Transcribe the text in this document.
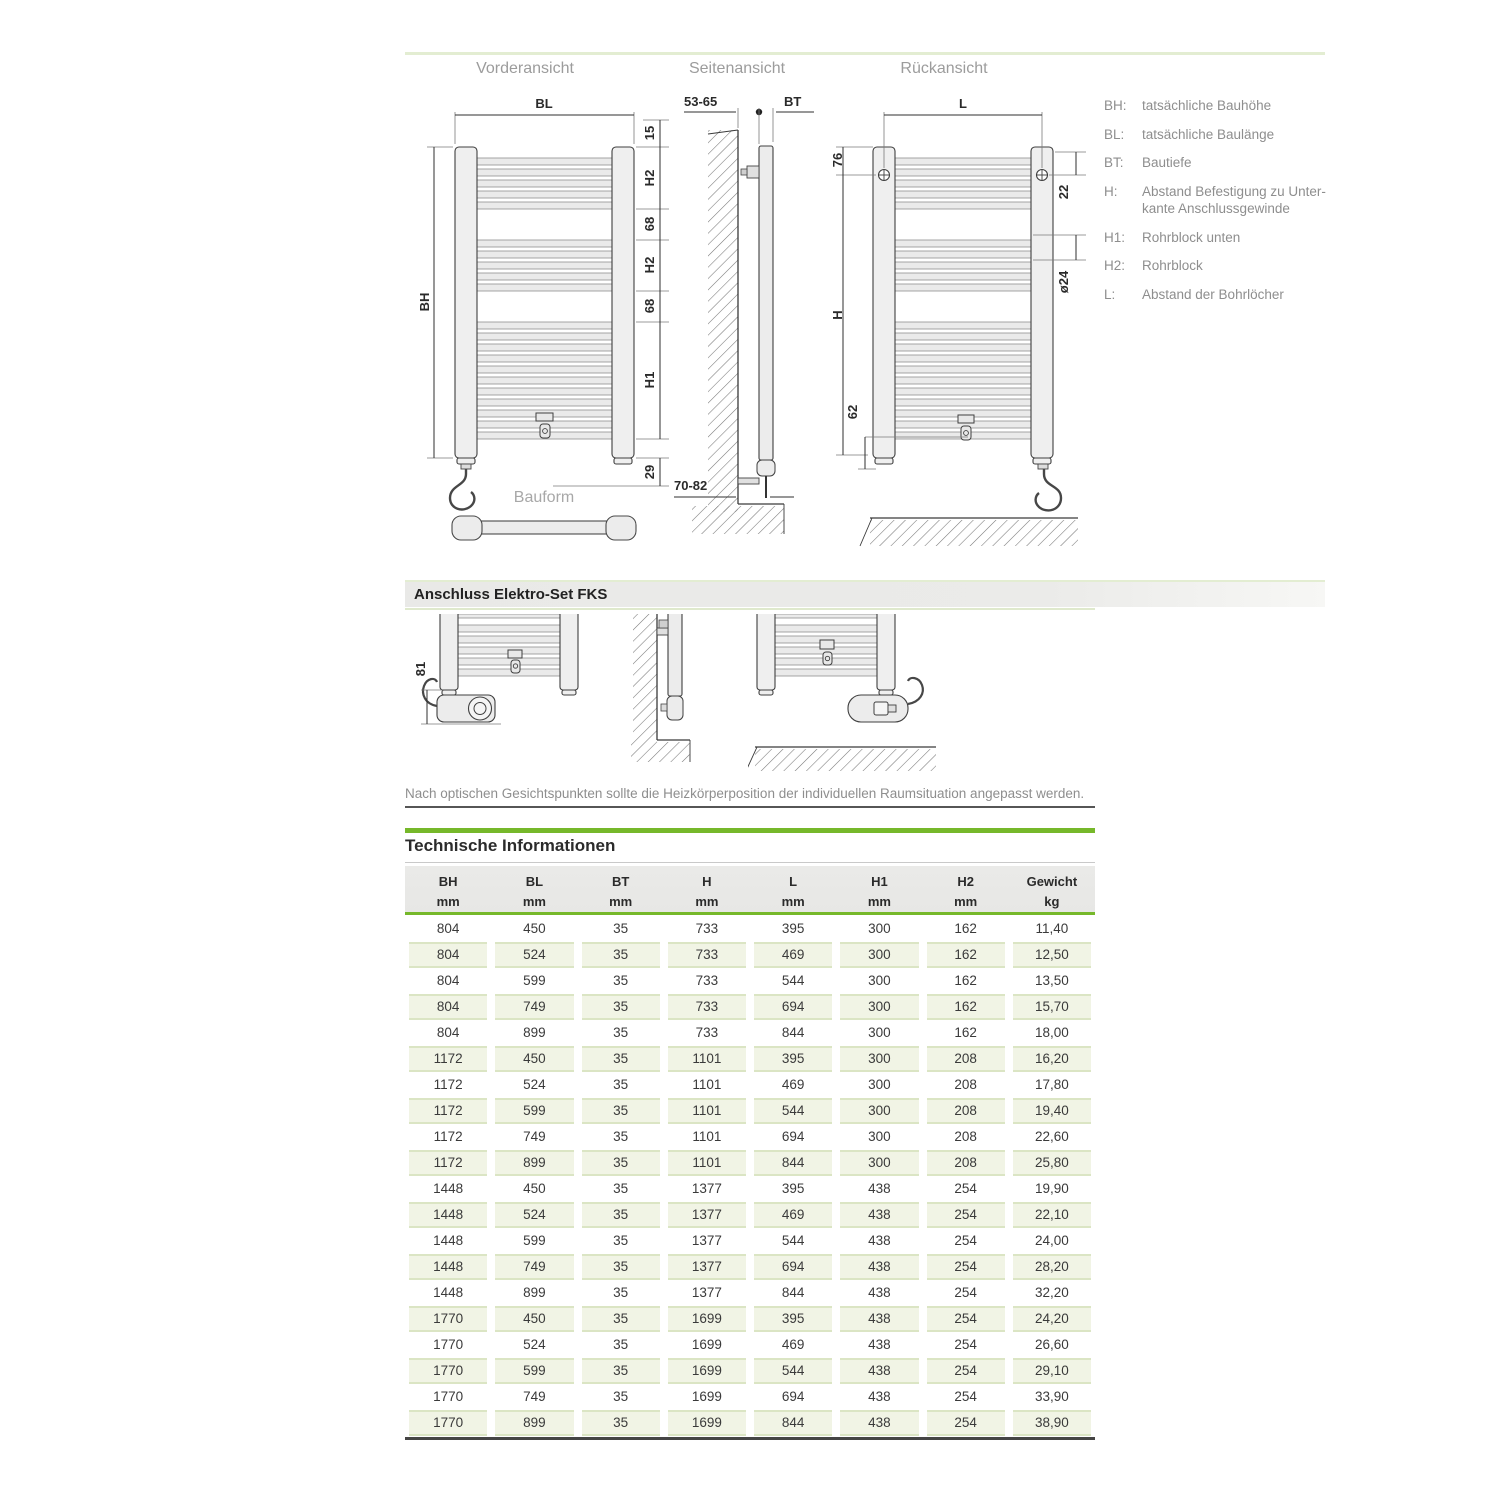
Vorderansicht	Seitenansicht	Rückansicht
BL
BH
15
H2
68
H2
68
H1
29
Bauform
53-65	BT
70-82
L
22
ø24
76
H
62
BH:	tatsächliche Bauhöhe
BL:	tatsächliche Baulänge
BT:	Bautiefe
H:	Abstand Befestigung zu Unter-
kante Anschlussgewinde
H1:	Rohrblock unten
H2:	Rohrblock
L:	Abstand der Bohrlöcher
Anschluss Elektro-Set FKS
81
Nach optischen Gesichtspunkten sollte die Heizkörperposition der individuellen Raumsituation angepasst werden.
Technische Informationen
BH
mm
BL
mm
BT
mm
H
mm
L
mm
H1
mm
H2
mm
Gewicht
kg
804	450	35	733	395	300	162	11,40
804	524	35	733	469	300	162	12,50
804	599	35	733	544	300	162	13,50
804	749	35	733	694	300	162	15,70
804	899	35	733	844	300	162	18,00
1172	450	35	1101	395	300	208	16,20
1172	524	35	1101	469	300	208	17,80
1172	599	35	1101	544	300	208	19,40
1172	749	35	1101	694	300	208	22,60
1172	899	35	1101	844	300	208	25,80
1448	450	35	1377	395	438	254	19,90
1448	524	35	1377	469	438	254	22,10
1448	599	35	1377	544	438	254	24,00
1448	749	35	1377	694	438	254	28,20
1448	899	35	1377	844	438	254	32,20
1770	450	35	1699	395	438	254	24,20
1770	524	35	1699	469	438	254	26,60
1770	599	35	1699	544	438	254	29,10
1770	749	35	1699	694	438	254	33,90
1770	899	35	1699	844	438	254	38,90
